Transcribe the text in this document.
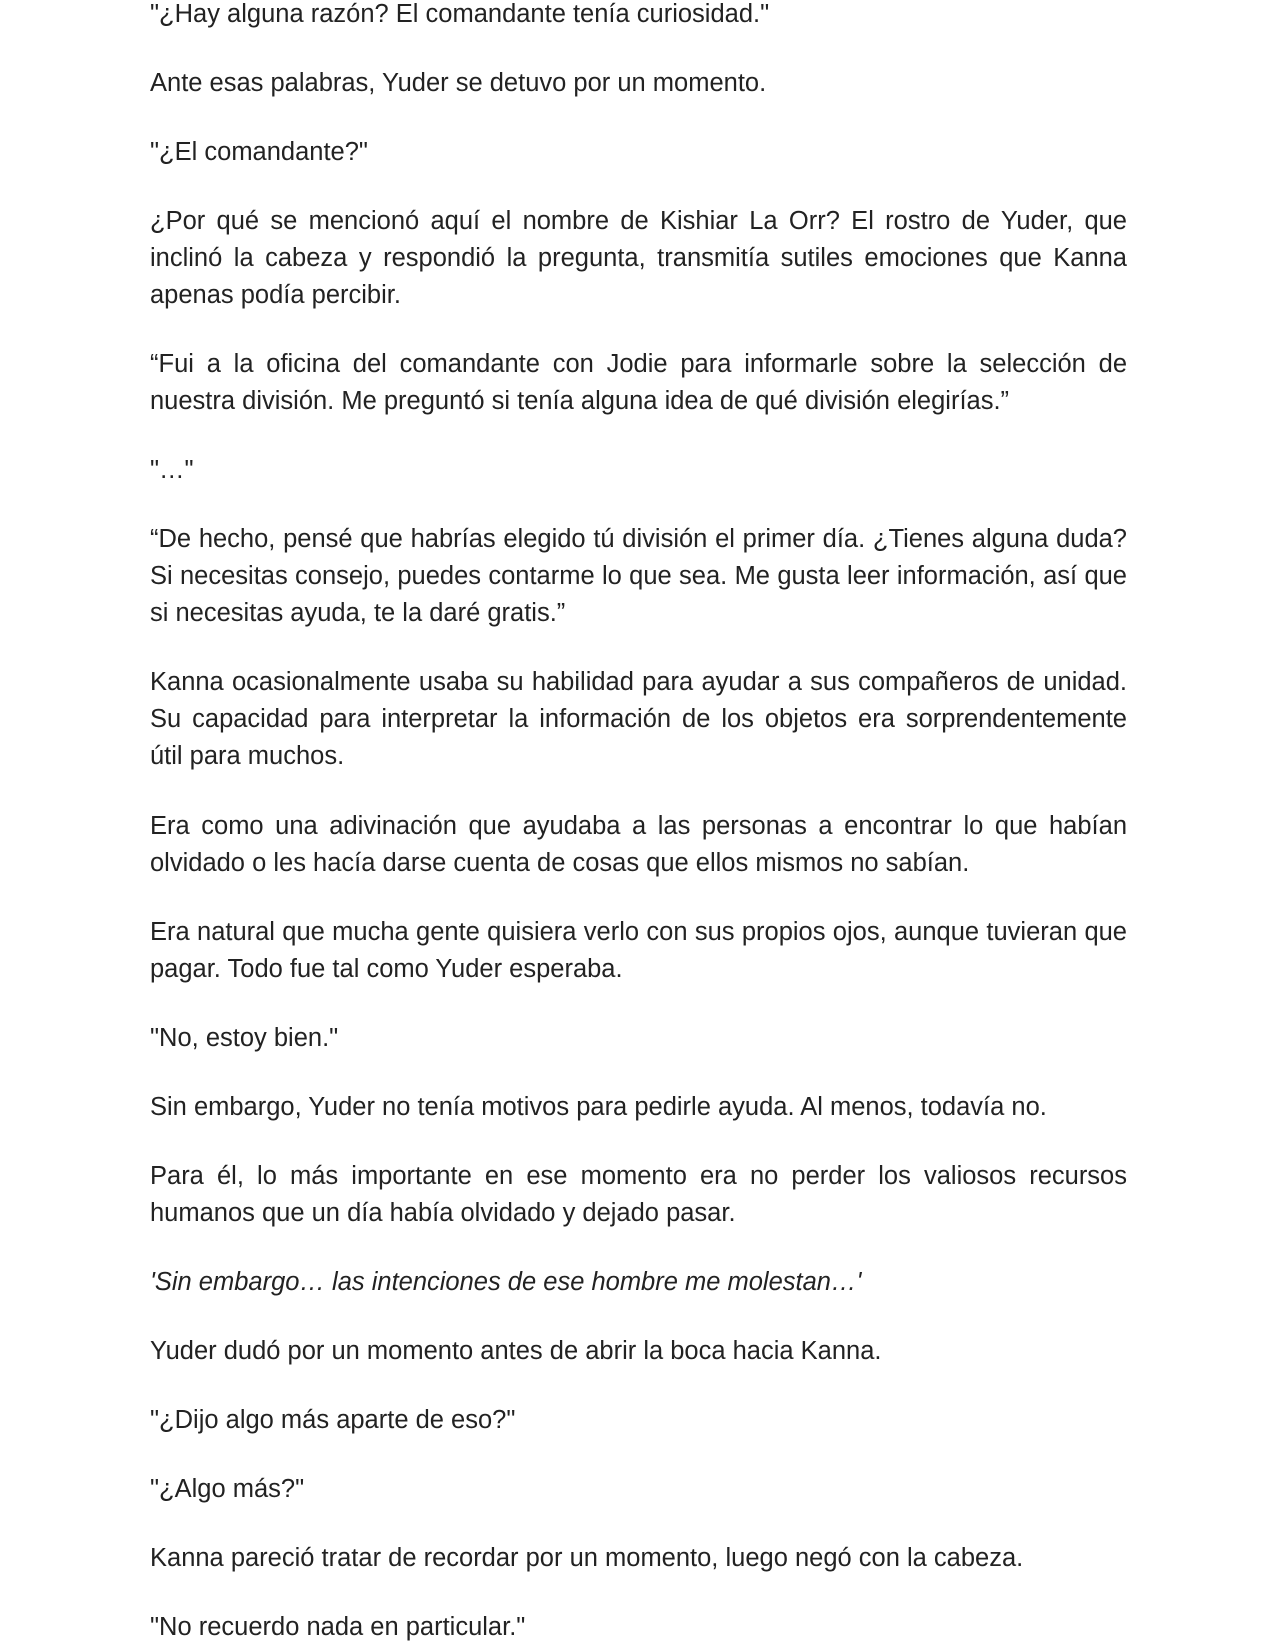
"¿Hay alguna razón? El comandante tenía curiosidad."

Ante esas palabras, Yuder se detuvo por un momento.

"¿El comandante?"

¿Por qué se mencionó aquí el nombre de Kishiar La Orr? El rostro de Yuder, que inclinó la cabeza y respondió la pregunta, transmitía sutiles emociones que Kanna apenas podía percibir.

“Fui a la oficina del comandante con Jodie para informarle sobre la selección de nuestra división. Me preguntó si tenía alguna idea de qué división elegirías.”

"…"

“De hecho, pensé que habrías elegido tú división el primer día. ¿Tienes alguna duda? Si necesitas consejo, puedes contarme lo que sea. Me gusta leer información, así que si necesitas ayuda, te la daré gratis.”

Kanna ocasionalmente usaba su habilidad para ayudar a sus compañeros de unidad. Su capacidad para interpretar la información de los objetos era sorprendentemente útil para muchos.

Era como una adivinación que ayudaba a las personas a encontrar lo que habían olvidado o les hacía darse cuenta de cosas que ellos mismos no sabían.

Era natural que mucha gente quisiera verlo con sus propios ojos, aunque tuvieran que pagar. Todo fue tal como Yuder esperaba.

"No, estoy bien."

Sin embargo, Yuder no tenía motivos para pedirle ayuda. Al menos, todavía no.

Para él, lo más importante en ese momento era no perder los valiosos recursos humanos que un día había olvidado y dejado pasar.

'Sin embargo… las intenciones de ese hombre me molestan…'

Yuder dudó por un momento antes de abrir la boca hacia Kanna.

"¿Dijo algo más aparte de eso?"

"¿Algo más?"

Kanna pareció tratar de recordar por un momento, luego negó con la cabeza.

"No recuerdo nada en particular."
